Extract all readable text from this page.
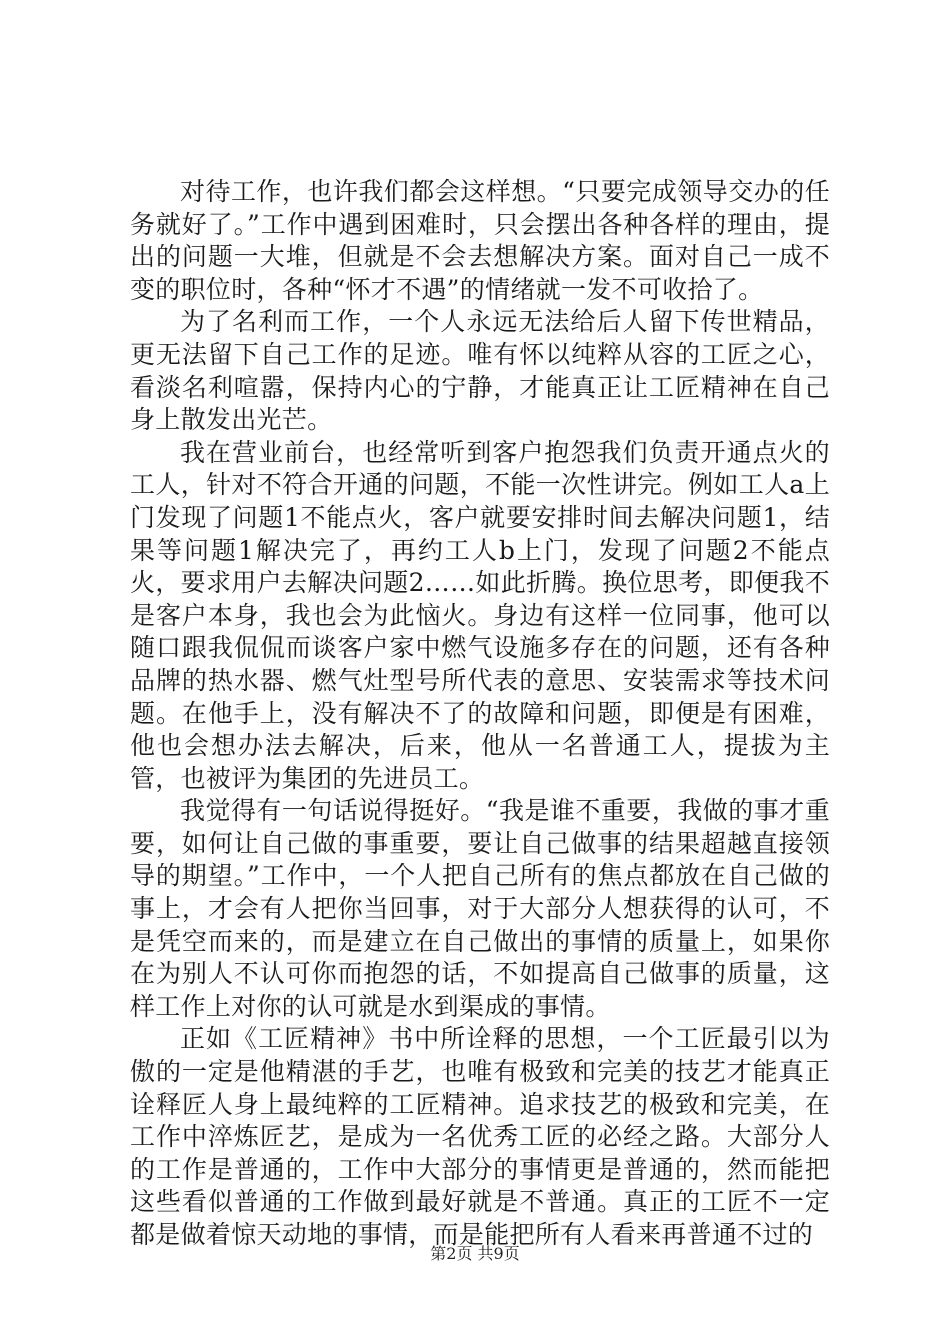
对待工作，也许我们都会这样想。“只要完成领导交办的任务就好了。”工作中遇到困难时，只会摆出各种各样的理由，提出的问题一大堆，但就是不会去想解决方案。面对自己一成不变的职位时，各种“怀才不遇”的情绪就一发不可收拾了。

为了名利而工作，一个人永远无法给后人留下传世精品，更无法留下自己工作的足迹。唯有怀以纯粹从容的工匠之心，看淡名利喧嚣，保持内心的宁静，才能真正让工匠精神在自己身上散发出光芒。

我在营业前台，也经常听到客户抱怨我们负责开通点火的工人，针对不符合开通的问题，不能一次性讲完。例如工人a上门发现了问题1不能点火，客户就要安排时间去解决问题1，结果等问题1解决完了，再约工人b上门，发现了问题2不能点火，要求用户去解决问题2……如此折腾。换位思考，即便我不是客户本身，我也会为此恼火。身边有这样一位同事，他可以随口跟我侃侃而谈客户家中燃气设施多存在的问题，还有各种品牌的热水器、燃气灶型号所代表的意思、安装需求等技术问题。在他手上，没有解决不了的故障和问题，即便是有困难，他也会想办法去解决，后来，他从一名普通工人，提拔为主管，也被评为集团的先进员工。

我觉得有一句话说得挺好。“我是谁不重要，我做的事才重要，如何让自己做的事重要，要让自己做事的结果超越直接领导的期望。”工作中，一个人把自己所有的焦点都放在自己做的事上，才会有人把你当回事，对于大部分人想获得的认可，不是凭空而来的，而是建立在自己做出的事情的质量上，如果你在为别人不认可你而抱怨的话，不如提高自己做事的质量，这样工作上对你的认可就是水到渠成的事情。

正如《工匠精神》书中所诠释的思想，一个工匠最引以为傲的一定是他精湛的手艺，也唯有极致和完美的技艺才能真正诠释匠人身上最纯粹的工匠精神。追求技艺的极致和完美，在工作中淬炼匠艺，是成为一名优秀工匠的必经之路。大部分人的工作是普通的，工作中大部分的事情更是普通的，然而能把这些看似普通的工作做到最好就是不普通。真正的工匠不一定都是做着惊天动地的事情，而是能把所有人看来再普通不过的

第2页 共9页
